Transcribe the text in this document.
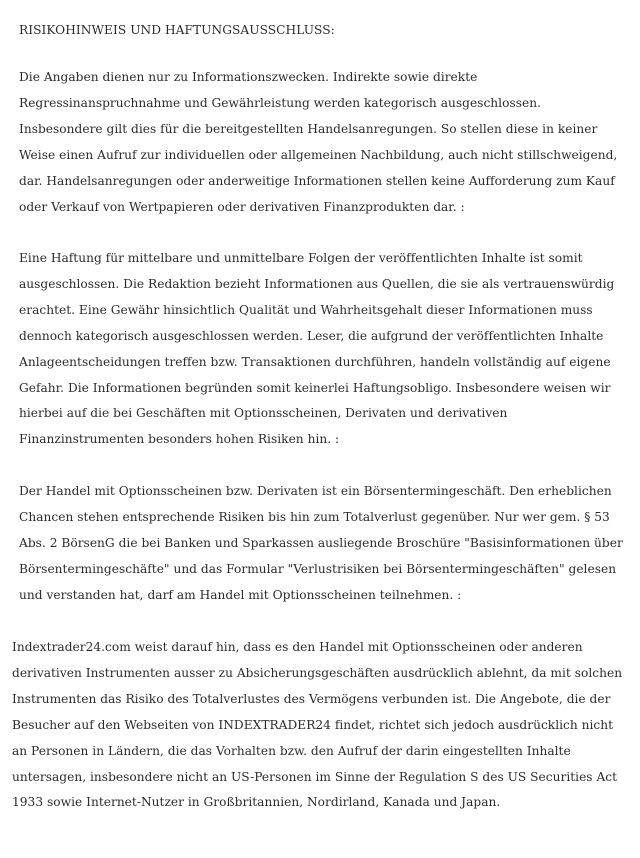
RISIKOHINWEIS UND HAFTUNGSAUSSCHLUSS:

Die Angaben dienen nur zu Informationszwecken. Indirekte sowie direkte Regressinanspruchnahme und Gewährleistung werden kategorisch ausgeschlossen. Insbesondere gilt dies für die bereitgestellten Handelsanregungen. So stellen diese in keiner Weise einen Aufruf zur individuellen oder allgemeinen Nachbildung, auch nicht stillschweigend, dar. Handelsanregungen oder anderweitige Informationen stellen keine Aufforderung zum Kauf oder Verkauf von Wertpapieren oder derivativen Finanzprodukten dar. :

Eine Haftung für mittelbare und unmittelbare Folgen der veröffentlichten Inhalte ist somit ausgeschlossen. Die Redaktion bezieht Informationen aus Quellen, die sie als vertrauenswürdig erachtet. Eine Gewähr hinsichtlich Qualität und Wahrheitsgehalt dieser Informationen muss dennoch kategorisch ausgeschlossen werden. Leser, die aufgrund der veröffentlichten Inhalte Anlageentscheidungen treffen bzw. Transaktionen durchführen, handeln vollständig auf eigene Gefahr. Die Informationen begründen somit keinerlei Haftungsobligo. Insbesondere weisen wir hierbei auf die bei Geschäften mit Optionsscheinen, Derivaten und derivativen Finanzinstrumenten besonders hohen Risiken hin. :

Der Handel mit Optionsscheinen bzw. Derivaten ist ein Börsentermingeschäft. Den erheblichen Chancen stehen entsprechende Risiken bis hin zum Totalverlust gegenüber. Nur wer gem. § 53 Abs. 2 BörsenG die bei Banken und Sparkassen ausliegende Broschüre "Basisinformationen über Börsentermingeschäfte" und das Formular "Verlustrisiken bei Börsentermingeschäften" gelesen und verstanden hat, darf am Handel mit Optionsscheinen teilnehmen. :

Indextrader24.com weist darauf hin, dass es den Handel mit Optionsscheinen oder anderen derivativen Instrumenten ausser zu Absicherungsgeschäften ausdrücklich ablehnt, da mit solchen Instrumenten das Risiko des Totalverlustes des Vermögens verbunden ist. Die Angebote, die der Besucher auf den Webseiten von INDEXTRADER24 findet, richtet sich jedoch ausdrücklich nicht an Personen in Ländern, die das Vorhalten bzw. den Aufruf der darin eingestellten Inhalte untersagen, insbesondere nicht an US-Personen im Sinne der Regulation S des US Securities Act 1933 sowie Internet-Nutzer in Großbritannien, Nordirland, Kanada und Japan.
